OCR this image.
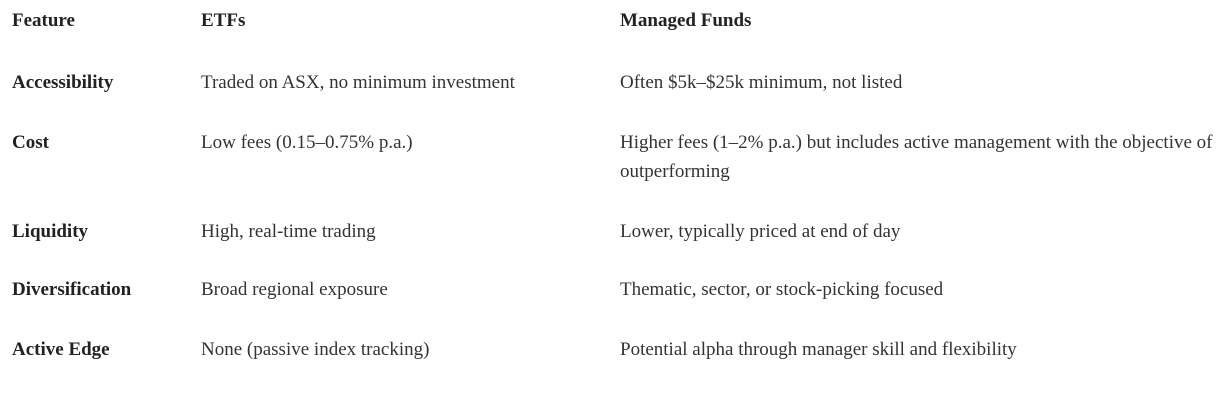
Feature	ETFs	Managed Funds
Accessibility	Traded on ASX, no minimum investment	Often $5k–$25k minimum, not listed
Cost	Low fees (0.15–0.75% p.a.)	Higher fees (1–2% p.a.) but includes active management with the objective of outperforming
Liquidity	High, real-time trading	Lower, typically priced at end of day
Diversification	Broad regional exposure	Thematic, sector, or stock-picking focused
Active Edge	None (passive index tracking)	Potential alpha through manager skill and flexibility
